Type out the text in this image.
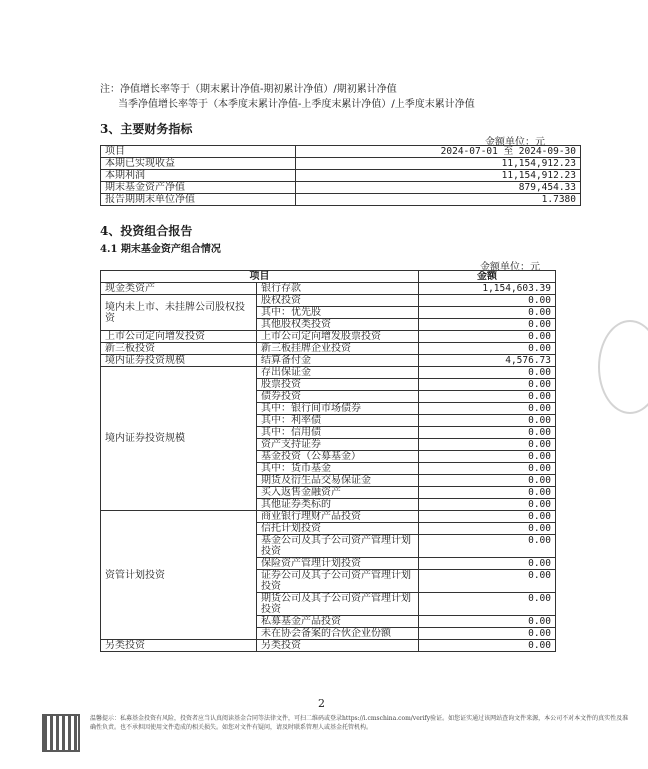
注：净值增长率等于（期末累计净值-期初累计净值）/期初累计净值
当季净值增长率等于（本季度末累计净值-上季度末累计净值）/上季度末累计净值
3、主要财务指标
金额单位：元
项目	2024-07-01 至 2024-09-30
本期已实现收益	11,154,912.23
本期利润	11,154,912.23
期末基金资产净值	879,454.33
报告期期末单位净值	1.7380
4、投资组合报告
4.1 期末基金资产组合情况
金额单位：元
项目		金额
现金类资产	银行存款	1,154,603.39
境内未上市、未挂牌公司股权投资	股权投资	0.00
	其中：优先股	0.00
	其他股权类投资	0.00
上市公司定向增发投资	上市公司定向增发股票投资	0.00
新三板投资	新三板挂牌企业投资	0.00
境内证券投资规模	结算备付金	4,576.73
境内证券投资规模	存出保证金	0.00
	股票投资	0.00
	债券投资	0.00
	其中：银行间市场债券	0.00
	其中：利率债	0.00
	其中：信用债	0.00
	资产支持证券	0.00
	基金投资（公募基金）	0.00
	其中：货币基金	0.00
	期货及衍生品交易保证金	0.00
	买入返售金融资产	0.00
	其他证券类标的	0.00
资管计划投资	商业银行理财产品投资	0.00
	信托计划投资	0.00
	基金公司及其子公司资产管理计划投资	0.00
	保险资产管理计划投资	0.00
	证券公司及其子公司资产管理计划投资	0.00
	期货公司及其子公司资产管理计划投资	0.00
	私募基金产品投资	0.00
	未在协会备案的合伙企业份额	0.00
另类投资	另类投资	0.00
2
温馨提示：私募基金投资有风险，投资者应当认真阅读基金合同等法律文件，可扫二维码或登录https://i.cmschina.com/verify验证。如您证实通过该网站查询文件来源，本公司不对本文件的真实性及准确性负责。也不承担因使用文件造成的相关损失。如您对文件有疑问，请及时联系管理人或基金托管机构。
